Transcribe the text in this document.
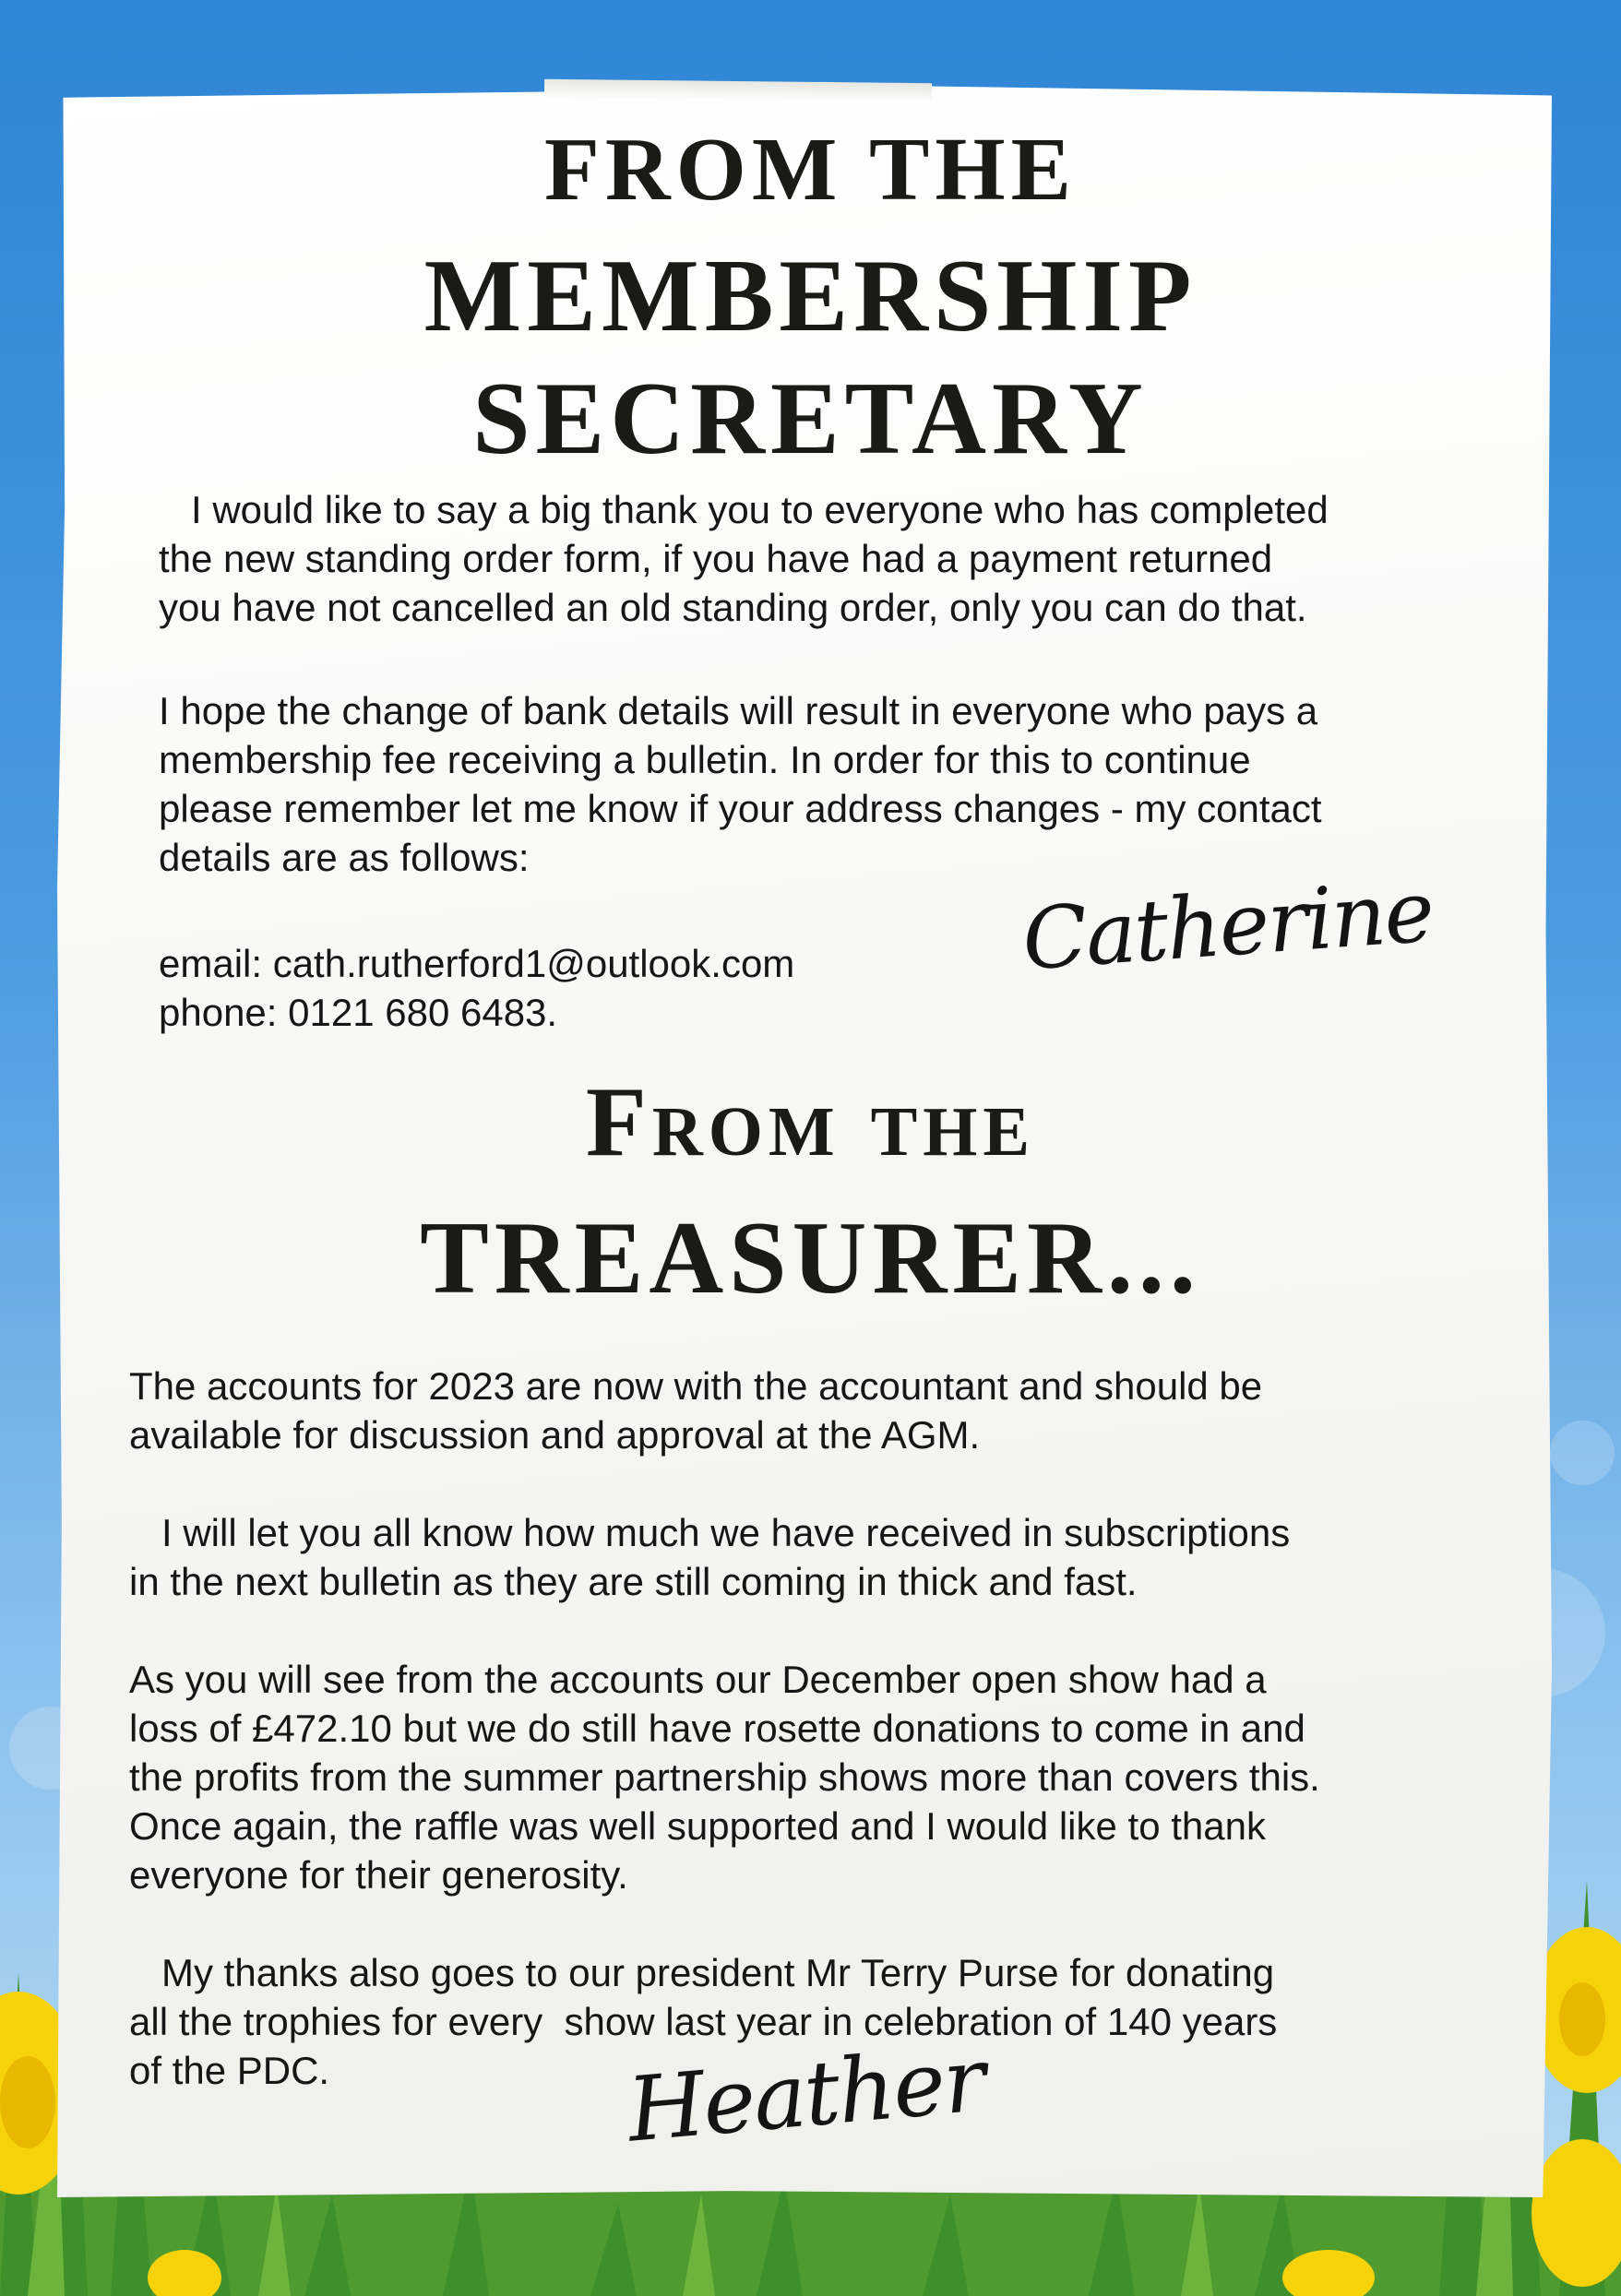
FROM THE
MEMBERSHIP
SECRETARY

I would like to say a big thank you to everyone who has completed

the new standing order form, if you have had a payment returned

you have not cancelled an old standing order, only you can do that.

I hope the change of bank details will result in everyone who pays a

membership fee receiving a bulletin. In order for this to continue

please remember let me know if your address changes - my contact

details are as follows:

email: cath.rutherford1@outlook.com

phone: 0121 680 6483.

Catherine
From the
TREASURER...

The accounts for 2023 are now with the accountant and should be

available for discussion and approval at the AGM.

I will let you all know how much we have received in subscriptions

in the next bulletin as they are still coming in thick and fast.

As you will see from the accounts our December open show had a

loss of £472.10 but we do still have rosette donations to come in and

the profits from the summer partnership shows more than covers this.

Once again, the raffle was well supported and I would like to thank

everyone for their generosity.

My thanks also goes to our president Mr Terry Purse for donating

all the trophies for every  show last year in celebration of 140 years

of the PDC.	Heather
